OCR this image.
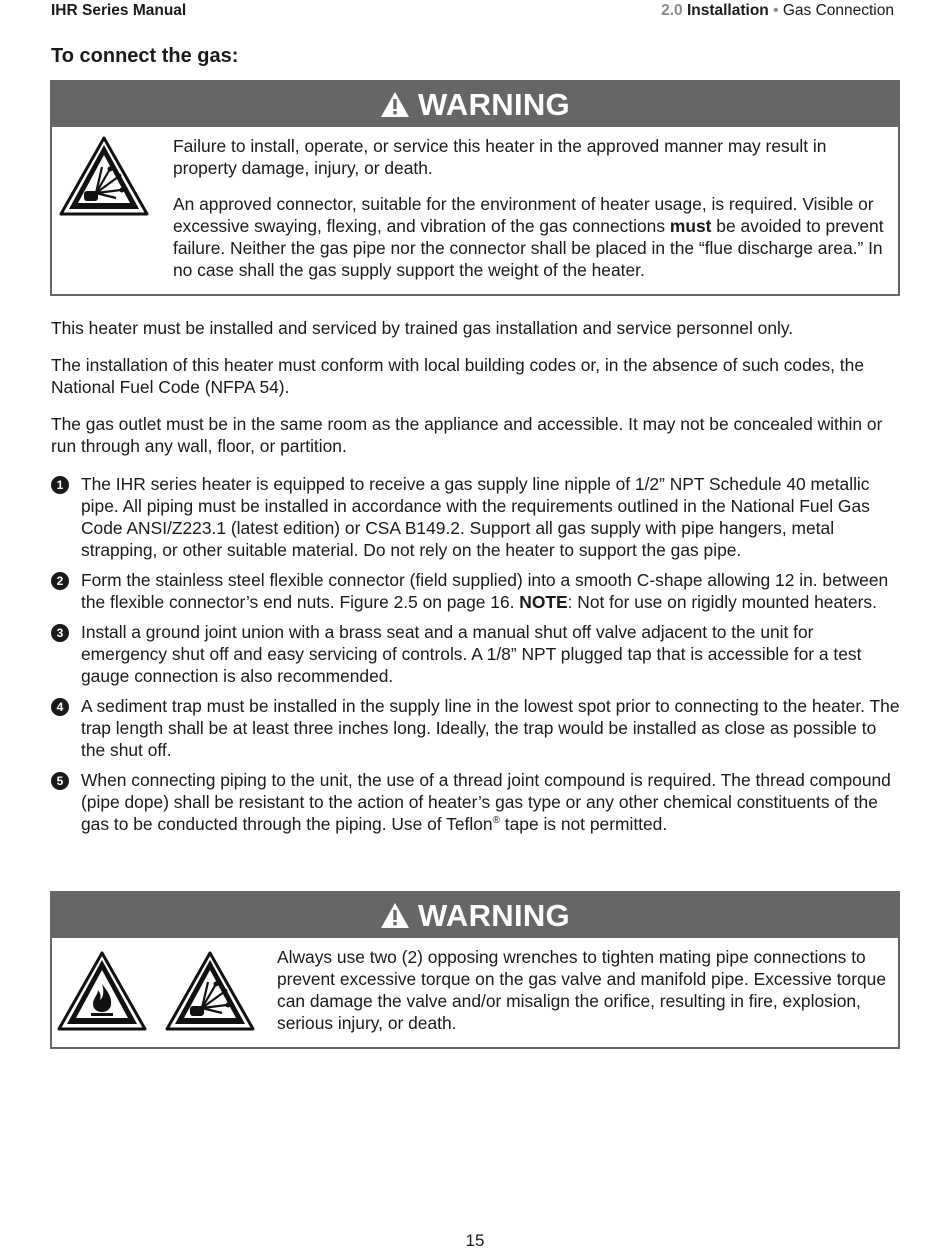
IHR Series Manual	2.0 Installation • Gas Connection
To connect the gas:
WARNING

Failure to install, operate, or service this heater in the approved manner may result in property damage, injury, or death.

An approved connector, suitable for the environment of heater usage, is required. Visible or excessive swaying, flexing, and vibration of the gas connections must be avoided to prevent failure. Neither the gas pipe nor the connector shall be placed in the “flue discharge area.” In no case shall the gas supply support the weight of the heater.

This heater must be installed and serviced by trained gas installation and service personnel only.

The installation of this heater must conform with local building codes or, in the absence of such codes, the National Fuel Code (NFPA 54).

The gas outlet must be in the same room as the appliance and accessible. It may not be concealed within or run through any wall, floor, or partition.

1	The IHR series heater is equipped to receive a gas supply line nipple of 1/2” NPT Schedule 40 metallic pipe. All piping must be installed in accordance with the requirements outlined in the National Fuel Gas Code ANSI/Z223.1 (latest edition) or CSA B149.2. Support all gas supply with pipe hangers, metal strapping, or other suitable material. Do not rely on the heater to support the gas pipe.
2	Form the stainless steel flexible connector (field supplied) into a smooth C-shape allowing 12 in. between the flexible connector’s end nuts. Figure 2.5 on page 16. NOTE: Not for use on rigidly mounted heaters.
3	Install a ground joint union with a brass seat and a manual shut off valve adjacent to the unit for emergency shut off and easy servicing of controls. A 1/8” NPT plugged tap that is accessible for a test gauge connection is also recommended.
4	A sediment trap must be installed in the supply line in the lowest spot prior to connecting to the heater. The trap length shall be at least three inches long. Ideally, the trap would be installed as close as possible to the shut off.
5	When connecting piping to the unit, the use of a thread joint compound is required. The thread compound (pipe dope) shall be resistant to the action of heater’s gas type or any other chemical constituents of the gas to be conducted through the piping. Use of Teflon® tape is not permitted.
WARNING

Always use two (2) opposing wrenches to tighten mating pipe connections to prevent excessive torque on the gas valve and manifold pipe. Excessive torque can damage the valve and/or misalign the orifice, resulting in fire, explosion, serious injury, or death.

15
